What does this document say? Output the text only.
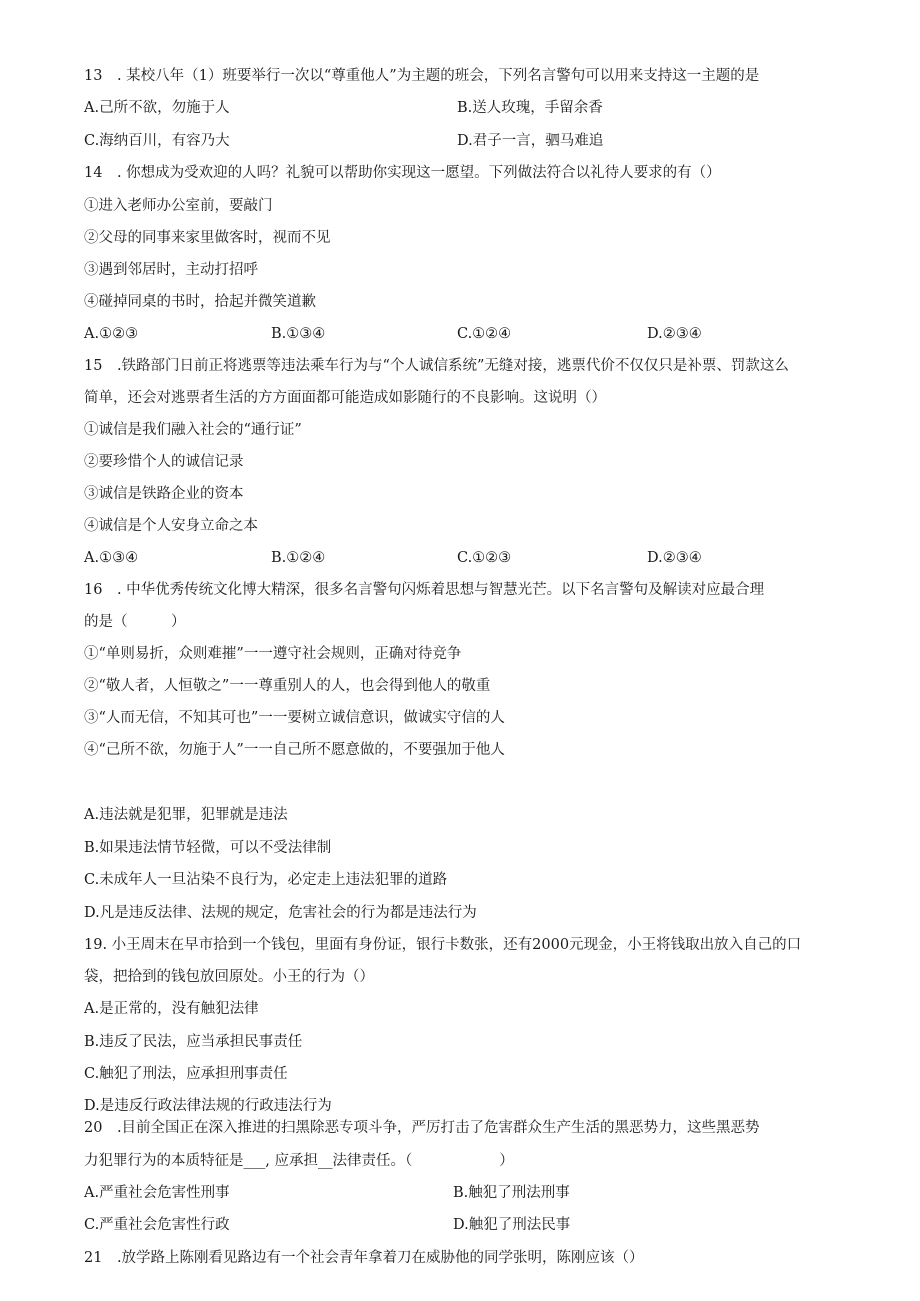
13　. 某校八年（1）班要举行一次以“尊重他人”为主题的班会，下列名言警句可以用来支持这一主题的是
A.己所不欲，勿施于人	B.送人玫瑰，手留余香
C.海纳百川，有容乃大	D.君子一言，驷马难追
14　. 你想成为受欢迎的人吗？礼貌可以帮助你实现这一愿望。下列做法符合以礼待人要求的有（）
①进入老师办公室前，要敲门
②父母的同事来家里做客时，视而不见
③遇到邻居时，主动打招呼
④碰掉同桌的书时，拾起并微笑道歉
A.①②③	B.①③④	C.①②④	D.②③④
15　.铁路部门日前正将逃票等违法乘车行为与“个人诚信系统”无缝对接，逃票代价不仅仅只是补票、罚款这么
简单，还会对逃票者生活的方方面面都可能造成如影随行的不良影响。这说明（）
①诚信是我们融入社会的“通行证”
②要珍惜个人的诚信记录
③诚信是铁路企业的资本
④诚信是个人安身立命之本
A.①③④	B.①②④	C.①②③	D.②③④
16　. 中华优秀传统文化博大精深，很多名言警句闪烁着思想与智慧光芒。以下名言警句及解读对应最合理
的是（　　　）
①“单则易折，众则难摧”一一遵守社会规则，正确对待竞争
②“敬人者，人恒敬之”一一尊重别人的人，也会得到他人的敬重
③“人而无信，不知其可也”一一要树立诚信意识，做诚实守信的人
④“己所不欲，勿施于人”一一自己所不愿意做的，不要强加于他人
A.违法就是犯罪，犯罪就是违法
B.如果违法情节轻微，可以不受法律制
C.未成年人一旦沾染不良行为，必定走上违法犯罪的道路
D.凡是违反法律、法规的规定，危害社会的行为都是违法行为
19. 小王周末在早市拾到一个钱包，里面有身份证，银行卡数张，还有2000元现金，小王将钱取出放入自己的口
袋，把拾到的钱包放回原处。小王的行为（）
A.是正常的，没有触犯法律
B.违反了民法，应当承担民事责任
C.触犯了刑法，应承担刑事责任
D.是违反行政法律法规的行政违法行为
20　.目前全国正在深入推进的扫黑除恶专项斗争，严厉打击了危害群众生产生活的黑恶势力，这些黑恶势
力犯罪行为的本质特征是___, 应承担__法律责任。（　　　　　　）
A.严重社会危害性刑事	B.触犯了刑法刑事
C.严重社会危害性行政	D.触犯了刑法民事
21　.放学路上陈刚看见路边有一个社会青年拿着刀在威胁他的同学张明，陈刚应该（）
